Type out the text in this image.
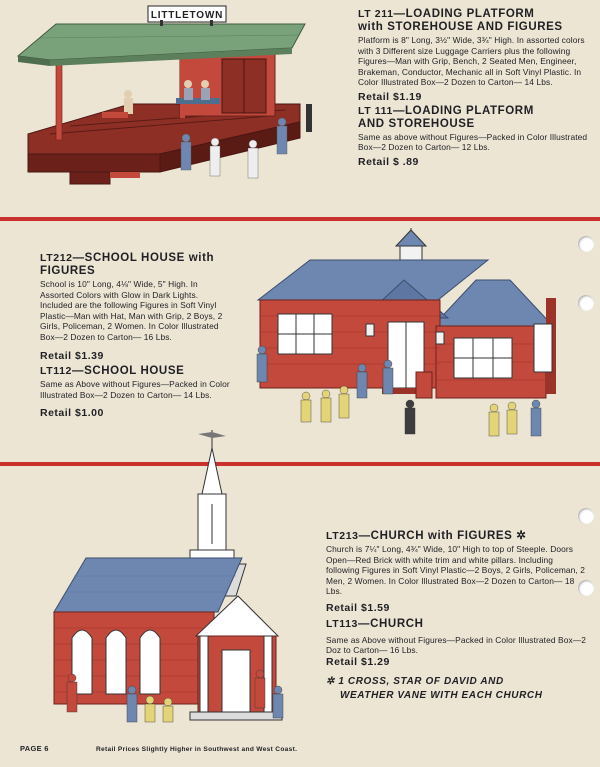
LITTLETOWN	LT 211—LOADING PLATFORM
with STOREHOUSE AND FIGURES
Platform is 8" Long, 3½" Wide, 3¾" High. In assorted colors with 3 Different size Luggage Carriers plus the following Figures—Man with Grip, Bench, 2 Seated Men, Engineer, Brakeman, Conductor, Mechanic all in Soft Vinyl Plastic. In Color Illustrated Box—2 Dozen to Carton— 14 Lbs.
Retail $1.19
LT 111—LOADING PLATFORM
AND STOREHOUSE
Same as above without Figures—Packed in Color Illustrated Box—2 Dozen to Carton— 12 Lbs.
Retail $ .89
LT212—SCHOOL HOUSE with
FIGURES
School is 10" Long, 4⅛" Wide, 5" High. In Assorted Colors with Glow in Dark Lights. Included are the following Figures in Soft Vinyl Plastic—Man with Hat, Man with Grip, 2 Boys, 2 Girls, Policeman, 2 Women. In Color Illustrated Box—2 Dozen to Carton— 16 Lbs.
Retail $1.39
LT112—SCHOOL HOUSE
Same as Above without Figures—Packed in Color Illustrated Box—2 Dozen to Carton— 14 Lbs.
Retail $1.00
LT213—CHURCH with FIGURES ✲
Church is 7¼" Long, 4¾" Wide, 10" High to top of Steeple. Doors Open—Red Brick with white trim and white pillars. Including following Figures in Soft Vinyl Plastic—2 Boys, 2 Girls, Policeman, 2 Men, 2 Women. In Color Illustrated Box—2 Dozen to Carton— 18 Lbs.
Retail $1.59
LT113—CHURCH
Same as Above without Figures—Packed in Color Illustrated Box—2 Doz to Carton— 16 Lbs.
Retail $1.29
✲ 1 CROSS, STAR OF DAVID AND
WEATHER VANE WITH EACH CHURCH
PAGE 6	Retail Prices Slightly Higher in Southwest and West Coast.
